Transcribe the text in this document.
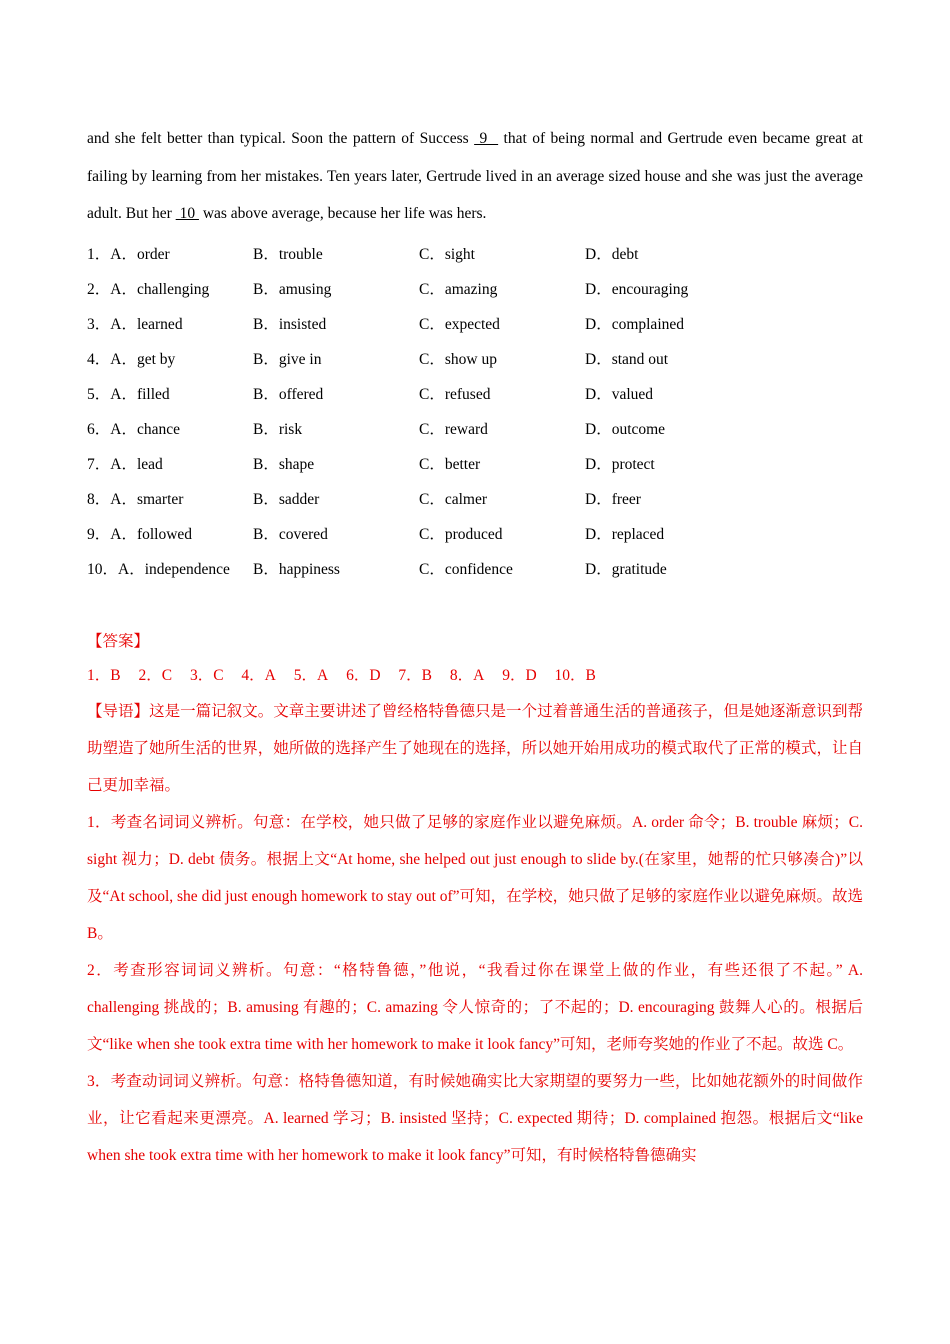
and she felt better than typical. Soon the pattern of Success  9   that of being normal and Gertrude even became great at failing by learning from her mistakes. Ten years later, Gertrude lived in an average sized house and she was just the average adult. But her  10  was above average, because her life was hers.
1．A．order	B．trouble	C．sight	D．debt
2．A．challenging	B．amusing	C．amazing	D．encouraging
3．A．learned	B．insisted	C．expected	D．complained
4．A．get by	B．give in	C．show up	D．stand out
5．A．filled	B．offered	C．refused	D．valued
6．A．chance	B．risk	C．reward	D．outcome
7．A．lead	B．shape	C．better	D．protect
8．A．smarter	B．sadder	C．calmer	D．freer
9．A．followed	B．covered	C．produced	D．replaced
10．A．independence	B．happiness	C．confidence	D．gratitude
【答案】
1．B 2．C 3．C 4．A 5．A 6．D 7．B 8．A 9．D 10．B
【导语】这是一篇记叙文。文章主要讲述了曾经格特鲁德只是一个过着普通生活的普通孩子，但是她逐渐意识到帮助塑造了她所生活的世界，她所做的选择产生了她现在的选择，所以她开始用成功的模式取代了正常的模式，让自己更加幸福。
1．考查名词词义辨析。句意：在学校，她只做了足够的家庭作业以避免麻烦。A. order 命令；B. trouble 麻烦；C. sight 视力；D. debt 债务。根据上文“At home, she helped out just enough to slide by.(在家里，她帮的忙只够凑合)”以及“At school, she did just enough homework to stay out of”可知，在学校，她只做了足够的家庭作业以避免麻烦。故选 B。
2．考查形容词词义辨析。句意：“格特鲁德，”他说，“我看过你在课堂上做的作业，有些还很了不起。” A. challenging 挑战的；B. amusing 有趣的；C. amazing 令人惊奇的；了不起的；D. encouraging 鼓舞人心的。根据后文“like when she took extra time with her homework to make it look fancy”可知，老师夸奖她的作业了不起。故选 C。
3．考查动词词义辨析。句意：格特鲁德知道，有时候她确实比大家期望的要努力一些，比如她花额外的时间做作业，让它看起来更漂亮。A. learned 学习；B. insisted 坚持；C. expected 期待；D. complained 抱怨。根据后文“like when she took extra time with her homework to make it look fancy”可知，有时候格特鲁德确实
